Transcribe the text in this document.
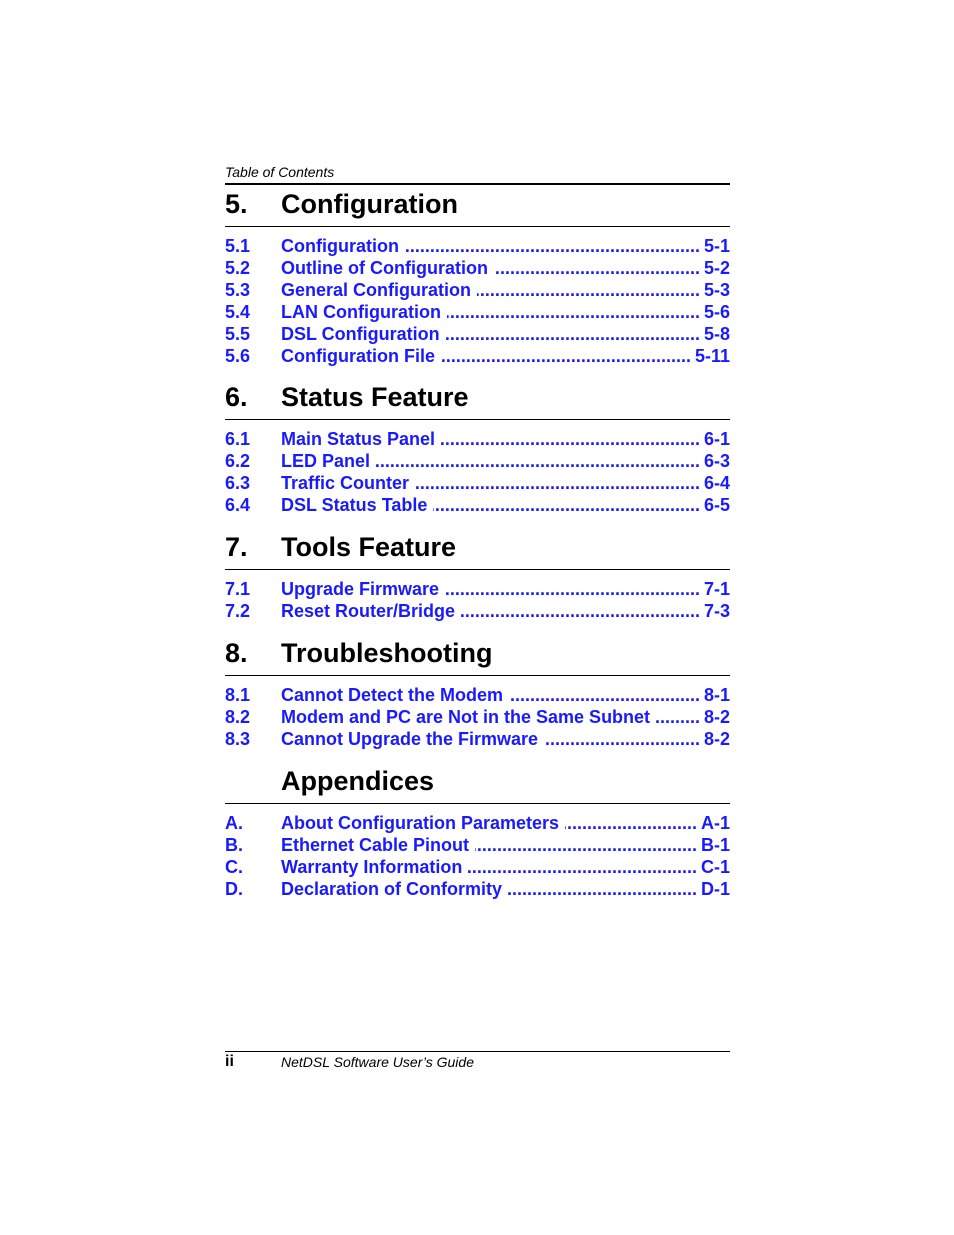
Table of Contents
5. Configuration
5.1 Configuration .....	5-1
5.2 Outline of Configuration .....	5-2
5.3 General Configuration .....	5-3
5.4 LAN Configuration .....	5-6
5.5 DSL Configuration .....	5-8
5.6 Configuration File .....	5-11
6. Status Feature
6.1 Main Status Panel .....	6-1
6.2 LED Panel .....	6-3
6.3 Traffic Counter .....	6-4
6.4 DSL Status Table .....	6-5
7. Tools Feature
7.1 Upgrade Firmware .....	7-1
7.2 Reset Router/Bridge .....	7-3
8. Troubleshooting
8.1 Cannot Detect the Modem .....	8-1
8.2 Modem and PC are Not in the Same Subnet .....	8-2
8.3 Cannot Upgrade the Firmware .....	8-2
Appendices
A. About Configuration Parameters .....	A-1
B. Ethernet Cable Pinout .....	B-1
C. Warranty Information .....	C-1
D. Declaration of Conformity .....	D-1
ii	NetDSL Software User’s Guide
